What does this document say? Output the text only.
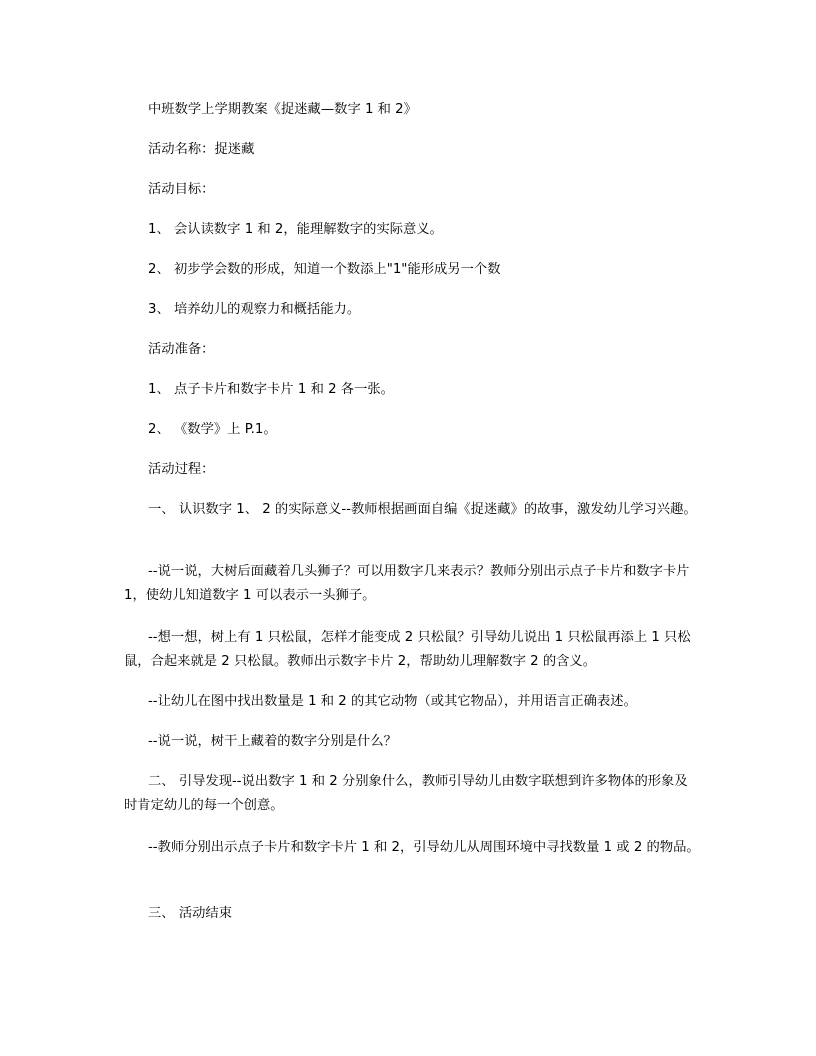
中班数学上学期教案《捉迷藏—数字 1 和 2》

活动名称：捉迷藏

活动目标：

1、 会认读数字 1 和 2，能理解数字的实际意义。

2、 初步学会数的形成，知道一个数添上"1"能形成另一个数

3、 培养幼儿的观察力和概括能力。

活动准备：

1、 点子卡片和数字卡片 1 和 2 各一张。

2、 《数学》上 P.1。

活动过程：

一、 认识数字 1、 2 的实际意义--教师根据画面自编《捉迷藏》的故事，激发幼儿学习兴趣。

--说一说，大树后面藏着几头狮子？可以用数字几来表示？教师分别出示点子卡片和数字卡片 1，使幼儿知道数字 1 可以表示一头狮子。

--想一想，树上有 1 只松鼠，怎样才能变成 2 只松鼠？引导幼儿说出 1 只松鼠再添上 1 只松鼠，合起来就是 2 只松鼠。教师出示数字卡片 2，帮助幼儿理解数字 2 的含义。

--让幼儿在图中找出数量是 1 和 2 的其它动物（或其它物品），并用语言正确表述。

--说一说，树干上藏着的数字分别是什么？

二、 引导发现--说出数字 1 和 2 分别象什么，教师引导幼儿由数字联想到许多物体的形象及时肯定幼儿的每一个创意。

--教师分别出示点子卡片和数字卡片 1 和 2，引导幼儿从周围环境中寻找数量 1 或 2 的物品。

三、 活动结束
